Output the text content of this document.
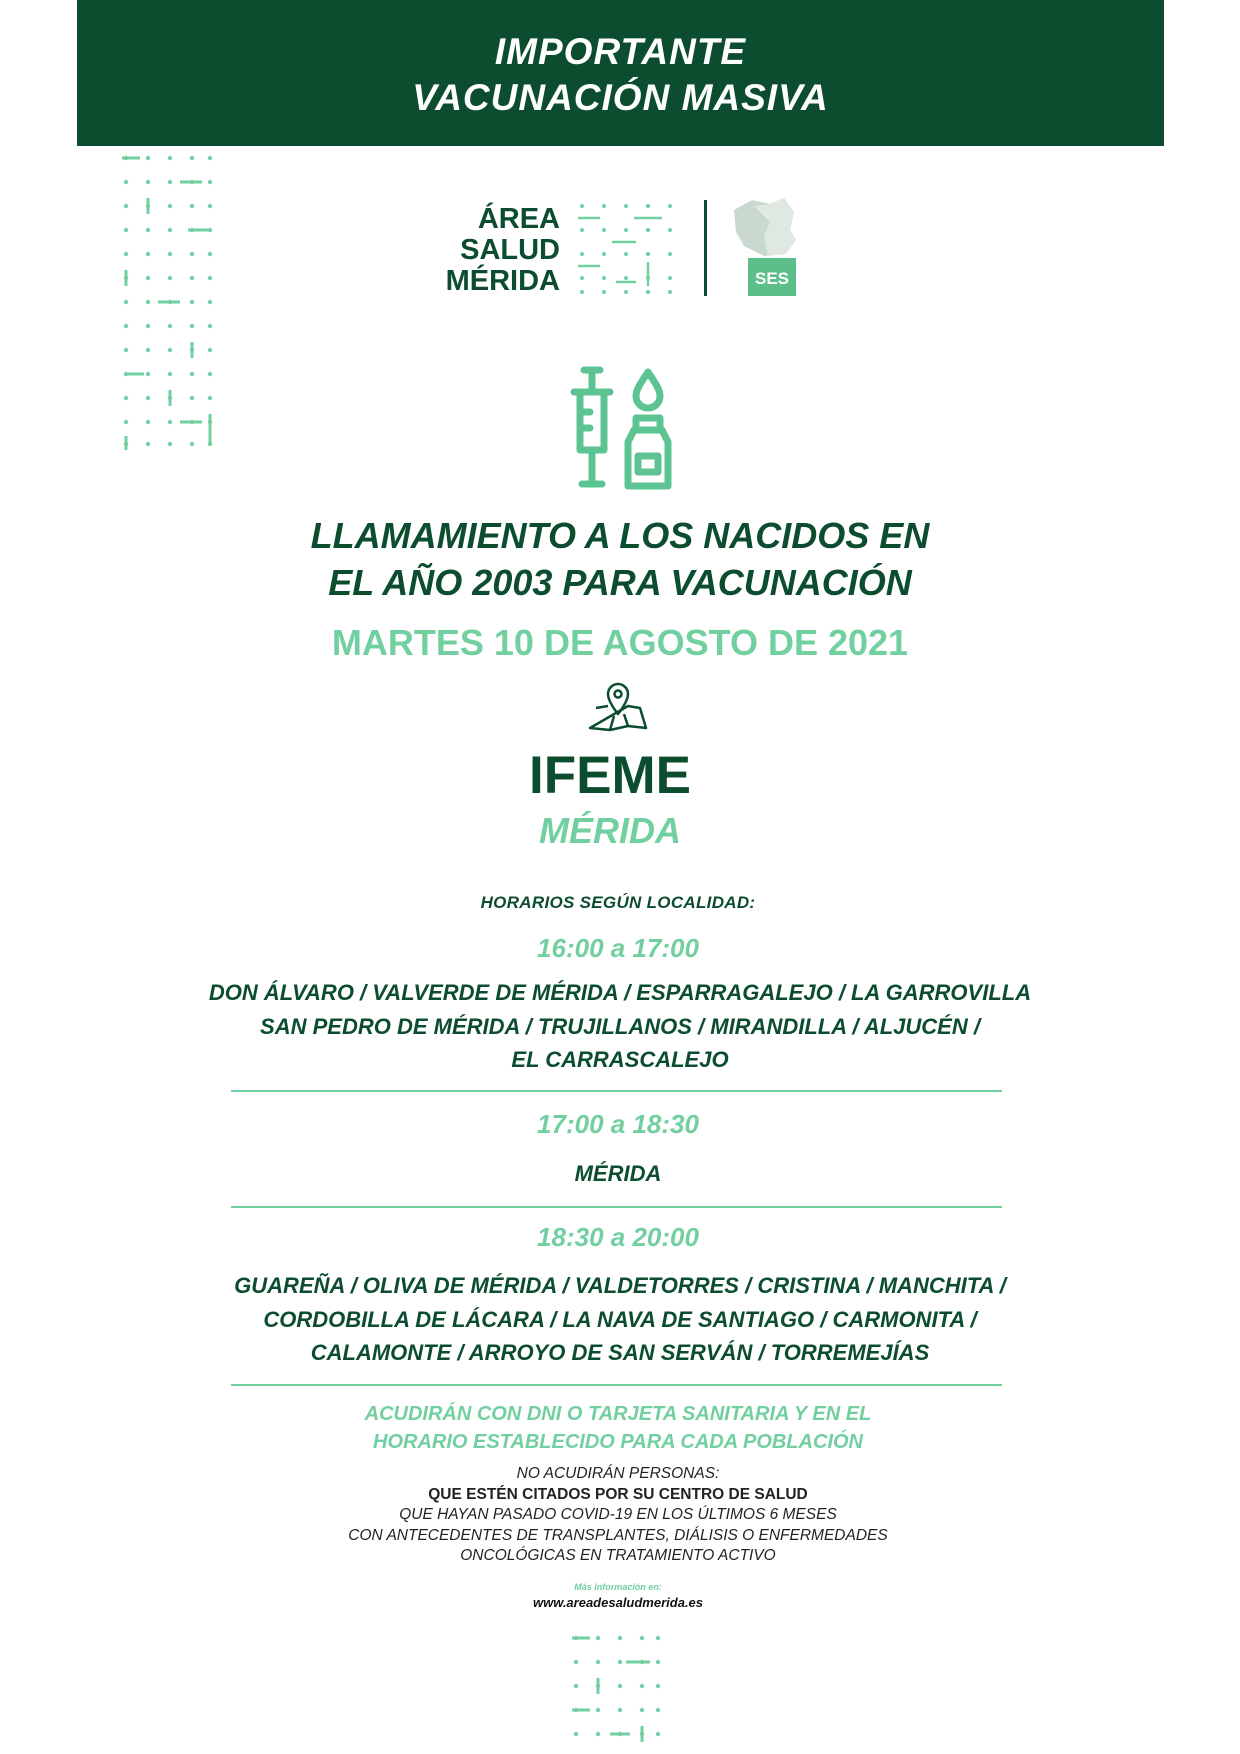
IMPORTANTE
VACUNACIÓN MASIVA
ÁREA
SALUD
MÉRIDA	SES
LLAMAMIENTO A LOS NACIDOS EN
EL AÑO 2003 PARA VACUNACIÓN
MARTES 10 DE AGOSTO DE 2021
IFEME
MÉRIDA
HORARIOS SEGÚN LOCALIDAD:
16:00 a 17:00
DON ÁLVARO / VALVERDE DE MÉRIDA / ESPARRAGALEJO / LA GARROVILLA
SAN PEDRO DE MÉRIDA / TRUJILLANOS / MIRANDILLA / ALJUCÉN /
EL CARRASCALEJO
17:00 a 18:30
MÉRIDA
18:30 a 20:00
GUAREÑA / OLIVA DE MÉRIDA / VALDETORRES / CRISTINA / MANCHITA /
CORDOBILLA DE LÁCARA / LA NAVA DE SANTIAGO / CARMONITA /
CALAMONTE / ARROYO DE SAN SERVÁN / TORREMEJÍAS
ACUDIRÁN CON DNI O TARJETA SANITARIA Y EN EL
HORARIO ESTABLECIDO PARA CADA POBLACIÓN
NO ACUDIRÁN PERSONAS:
QUE ESTÉN CITADOS POR SU CENTRO DE SALUD
QUE HAYAN PASADO COVID-19 EN LOS ÚLTIMOS 6 MESES
CON ANTECEDENTES DE TRANSPLANTES, DIÁLISIS O ENFERMEDADES
ONCOLÓGICAS EN TRATAMIENTO ACTIVO
Más información en:
www.areadesaludmerida.es
